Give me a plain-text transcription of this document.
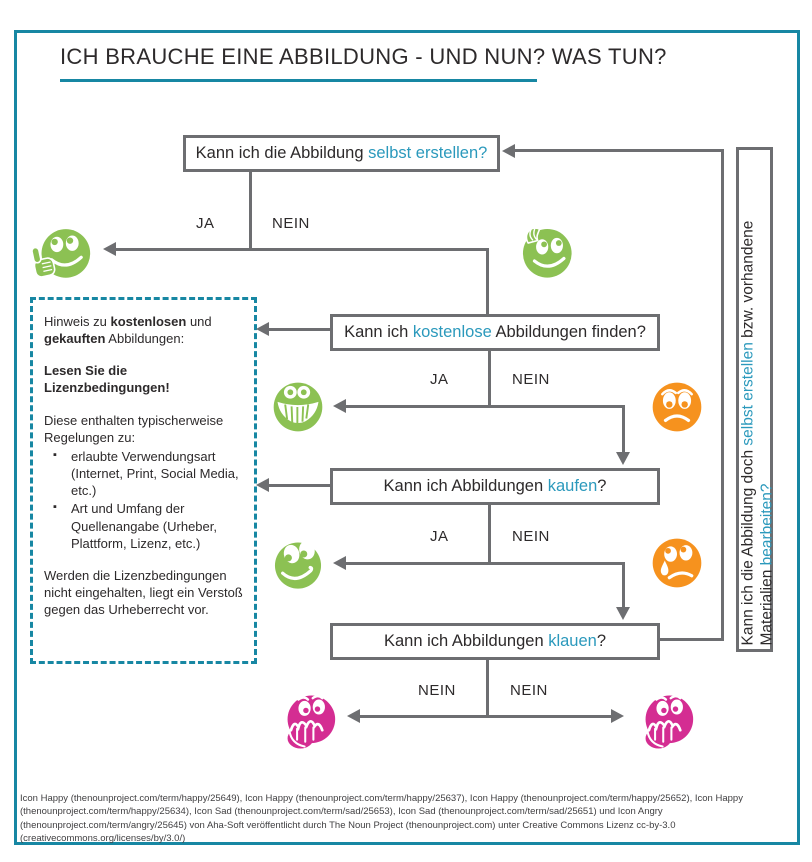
ICH BRAUCHE EINE ABBILDUNG - UND NUN? WAS TUN?
Kann ich die Abbildung selbst erstellen?
JA	NEIN

Hinweis zu kostenlosen und gekauften Abbildungen:

Lesen Sie die Lizenzbedingungen!

Diese enthalten typischerweise Regelungen zu:

▪ erlaubte Verwendungsart (Internet, Print, Social Media, etc.)
▪ Art und Umfang der Quellenangabe (Urheber, Plattform, Lizenz, etc.)

Werden die Lizenzbedingungen nicht eingehalten, liegt ein Verstoß gegen das Urheberrecht vor.

Kann ich kostenlose Abbildungen finden?
JA	NEIN
Kann ich Abbildungen kaufen?
JA	NEIN
Kann ich Abbildungen klauen?
NEIN	NEIN
Kann ich die Abbildung doch selbst erstellen bzw. vorhandene
Materialien bearbeiten?
Icon Happy (thenounproject.com/term/happy/25649), Icon Happy (thenounproject.com/term/happy/25637), Icon Happy (thenounproject.com/term/happy/25652), Icon Happy (thenounproject.com/term/happy/25634), Icon Sad (thenounproject.com/term/sad/25653), Icon Sad (thenounproject.com/term/sad/25651) und Icon Angry (thenounproject.com/term/angry/25645) von Aha-Soft veröffentlicht durch The Noun Project (thenounproject.com) unter Creative Commons Lizenz cc-by-3.0 (creativecommons.org/licenses/by/3.0/)
